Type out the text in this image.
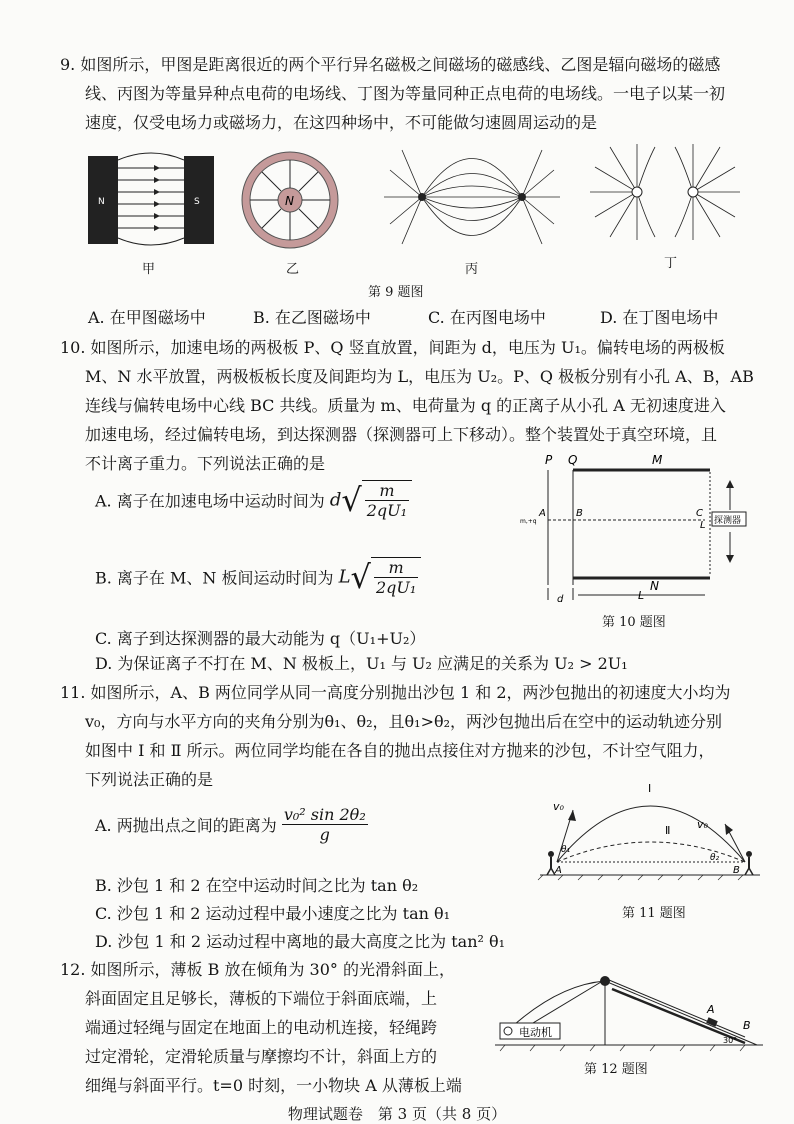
9. 如图所示，甲图是距离很近的两个平行异名磁极之间磁场的磁感线、乙图是辐向磁场的磁感
线、丙图为等量异种点电荷的电场线、丁图为等量同种正点电荷的电场线。一电子以某一初
速度，仅受电场力或磁场力，在这四种场中，不可能做匀速圆周运动的是
N	S
甲
N
乙	丙	丁
第 9 题图
A. 在甲图磁场中	B. 在乙图磁场中	C. 在丙图电场中	D. 在丁图电场中
10. 如图所示，加速电场的两极板 P、Q 竖直放置，间距为 d，电压为 U₁。偏转电场的两极板
M、N 水平放置，两极板板长度及间距均为 L，电压为 U₂。P、Q 极板分别有小孔 A、B，AB
连线与偏转电场中心线 BC 共线。质量为 m、电荷量为 q 的正离子从小孔 A 无初速度进入
加速电场，经过偏转电场，到达探测器（探测器可上下移动）。整个装置处于真空环境，且
不计离子重力。下列说法正确的是
A. 离子在加速电场中运动时间为 $d√ \frac{m}{\text{2qU₁}}$
B. 离子在 M、N 板间运动时间为 $L√ \frac{m}{\text{2qU₁}}$
C. 离子到达探测器的最大动能为 q（U₁+U₂）
D. 为保证离子不打在 M、N 极板上，U₁ 与 U₂ 应满足的关系为 U₂ > 2U₁
探测器
P Q	M
A	B	C
L
m,+q
N
d	L
第 10 题图
11. 如图所示，A、B 两位同学从同一高度分别抛出沙包 1 和 2，两沙包抛出的初速度大小均为
v₀，方向与水平方向的夹角分别为θ₁、θ₂，且θ₁>θ₂，两沙包抛出后在空中的运动轨迹分别
如图中 Ⅰ 和 Ⅱ 所示。两位同学均能在各自的抛出点接住对方抛来的沙包，不计空气阻力，
下列说法正确的是
A. 两抛出点之间的距离为 $\frac{\text{v₀² sin 2θ₂}}{g}$
B. 沙包 1 和 2 在空中运动时间之比为 tan θ₂
C. 沙包 1 和 2 运动过程中最小速度之比为 tan θ₁
D. 沙包 1 和 2 运动过程中离地的最大高度之比为 tan² θ₁
Ⅰ
Ⅱ
v₀
v₀
A	B
θ₁
θ₂
第 11 题图
12. 如图所示，薄板 B 放在倾角为 30° 的光滑斜面上，
斜面固定且足够长，薄板的下端位于斜面底端，上
端通过轻绳与固定在地面上的电动机连接，轻绳跨
过定滑轮，定滑轮质量与摩擦均不计，斜面上方的
细绳与斜面平行。t=0 时刻，一小物块 A 从薄板上端
电动机
A
B
30°
第 12 题图
物理试题卷　第 3 页（共 8 页）
